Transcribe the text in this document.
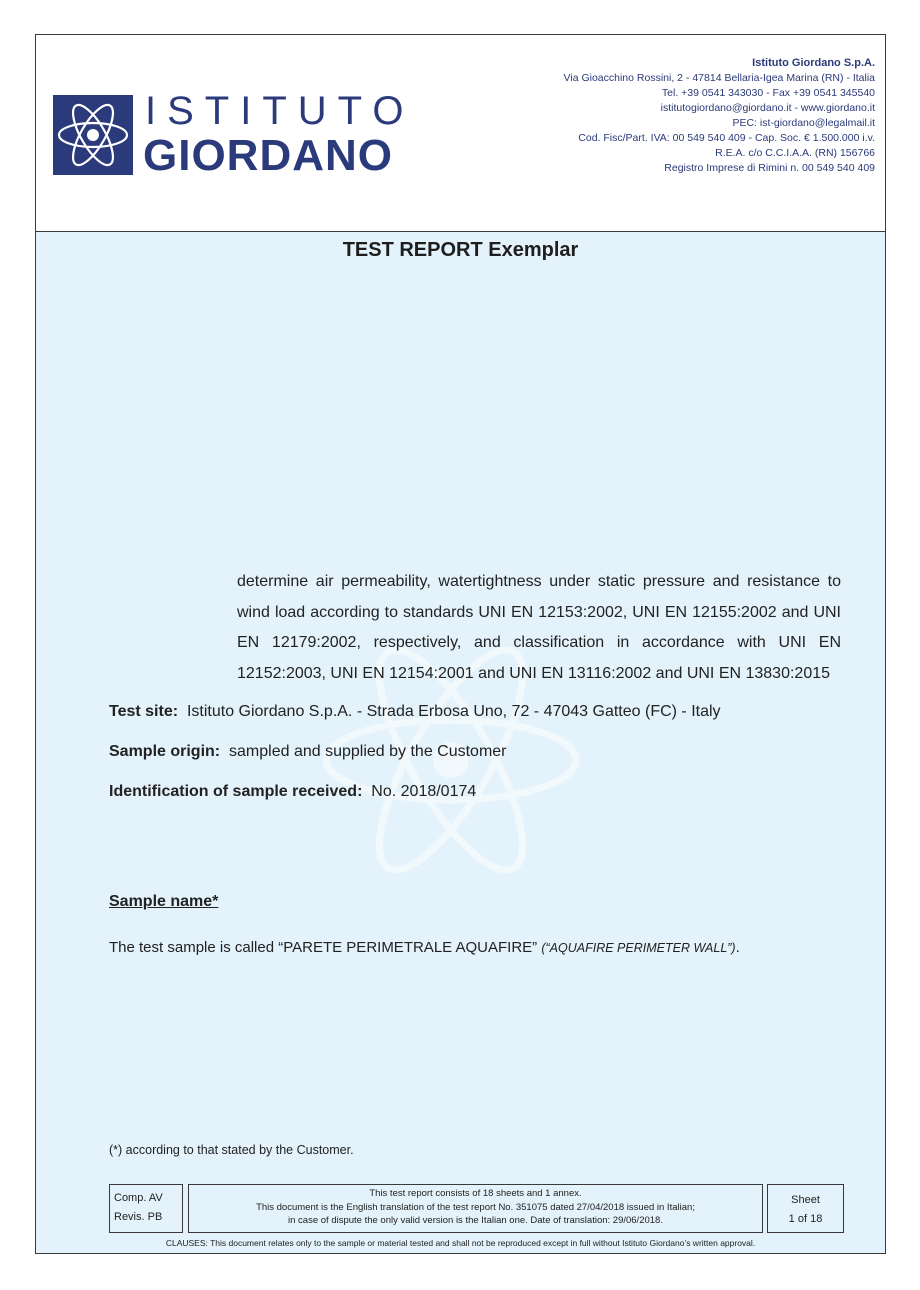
ISTITUTO
GIORDANO
Istituto Giordano S.p.A.
Via Gioacchino Rossini, 2 - 47814 Bellaria-Igea Marina (RN) - Italia
Tel. +39 0541 343030 - Fax +39 0541 345540
istitutogiordano@giordano.it - www.giordano.it
PEC: ist-giordano@legalmail.it
Cod. Fisc/Part. IVA: 00 549 540 409 - Cap. Soc. € 1.500.000 i.v.
R.E.A. c/o C.C.I.A.A. (RN) 156766
Registro Imprese di Rimini n. 00 549 540 409
TEST REPORT Exemplar
determine air permeability, watertightness under static pressure and resistance to wind load according to standards UNI EN 12153:2002, UNI EN 12155:2002 and UNI EN 12179:2002, respectively, and classification in accordance with UNI EN 12152:2003, UNI EN 12154:2001 and UNI EN 13116:2002 and UNI EN 13830:2015
Test site: Istituto Giordano S.p.A. - Strada Erbosa Uno, 72 - 47043 Gatteo (FC) - Italy
Sample origin: sampled and supplied by the Customer
Identification of sample received: No. 2018/0174
Sample name*
The test sample is called “PARETE PERIMETRALE AQUAFIRE” (“AQUAFIRE PERIMETER WALL”).
(*) according to that stated by the Customer.
Comp. AV
Revis. PB
This test report consists of 18 sheets and 1 annex.
This document is the English translation of the test report No. 351075 dated 27/04/2018 issued in Italian;
in case of dispute the only valid version is the Italian one. Date of translation: 29/06/2018.
Sheet
1 of 18
CLAUSES: This document relates only to the sample or material tested and shall not be reproduced except in full without Istituto Giordano’s written approval.
